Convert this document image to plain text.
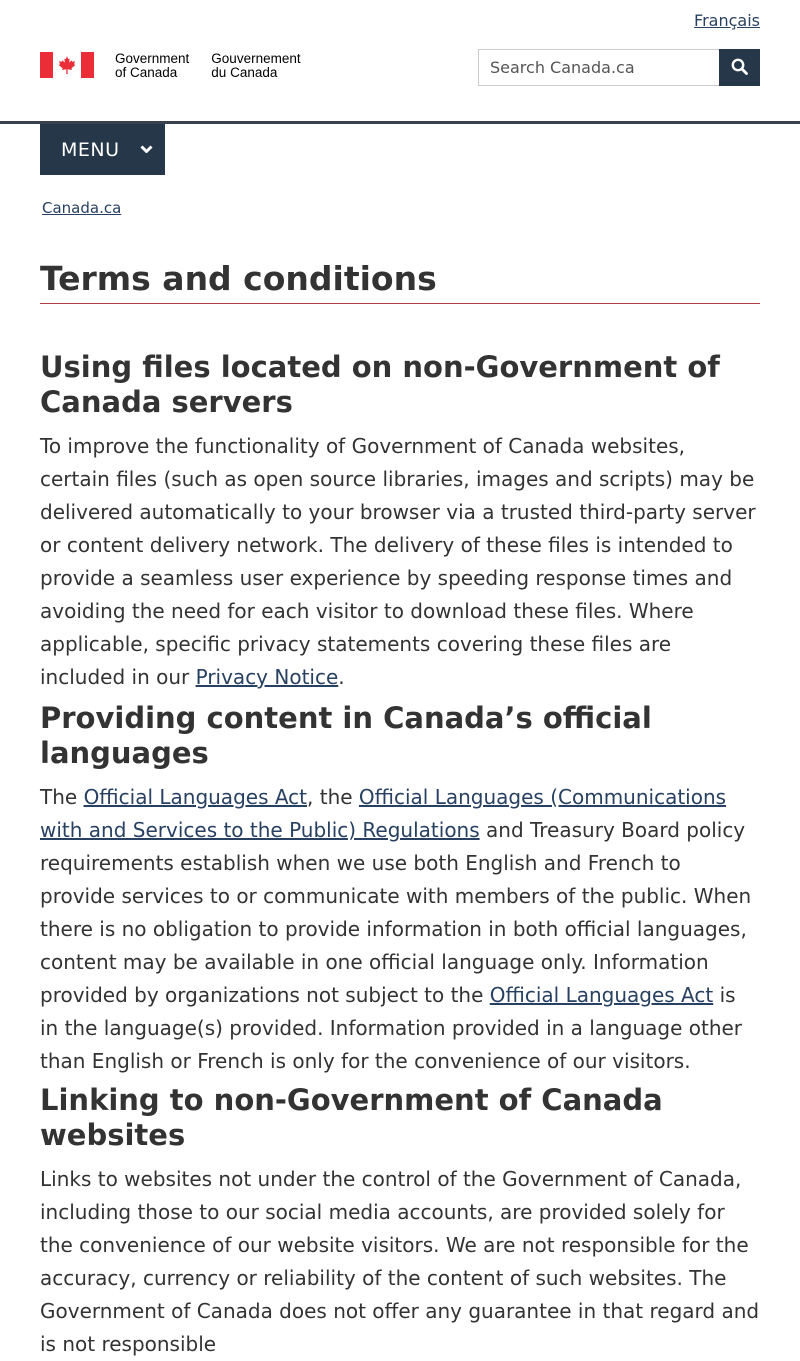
Français
Government
of Canada
Gouvernement
du Canada
Search Canada.ca
MENU
Canada.ca
Terms and conditions
Using files located on non-Government of Canada servers

To improve the functionality of Government of Canada websites, certain files (such as open source libraries, images and scripts) may be delivered automatically to your browser via a trusted third-party server or content delivery network. The delivery of these files is intended to provide a seamless user experience by speeding response times and avoiding the need for each visitor to download these files. Where applicable, specific privacy statements covering these files are included in our Privacy Notice.

Providing content in Canada’s official languages

The Official Languages Act, the Official Languages (Communications with and Services to the Public) Regulations and Treasury Board policy requirements establish when we use both English and French to provide services to or communicate with members of the public. When there is no obligation to provide information in both official languages, content may be available in one official language only. Information provided by organizations not subject to the Official Languages Act is in the language(s) provided. Information provided in a language other than English or French is only for the convenience of our visitors.

Linking to non-Government of Canada websites

Links to websites not under the control of the Government of Canada, including those to our social media accounts, are provided solely for the convenience of our website visitors. We are not responsible for the accuracy, currency or reliability of the content of such websites. The Government of Canada does not offer any guarantee in that regard and is not responsible
